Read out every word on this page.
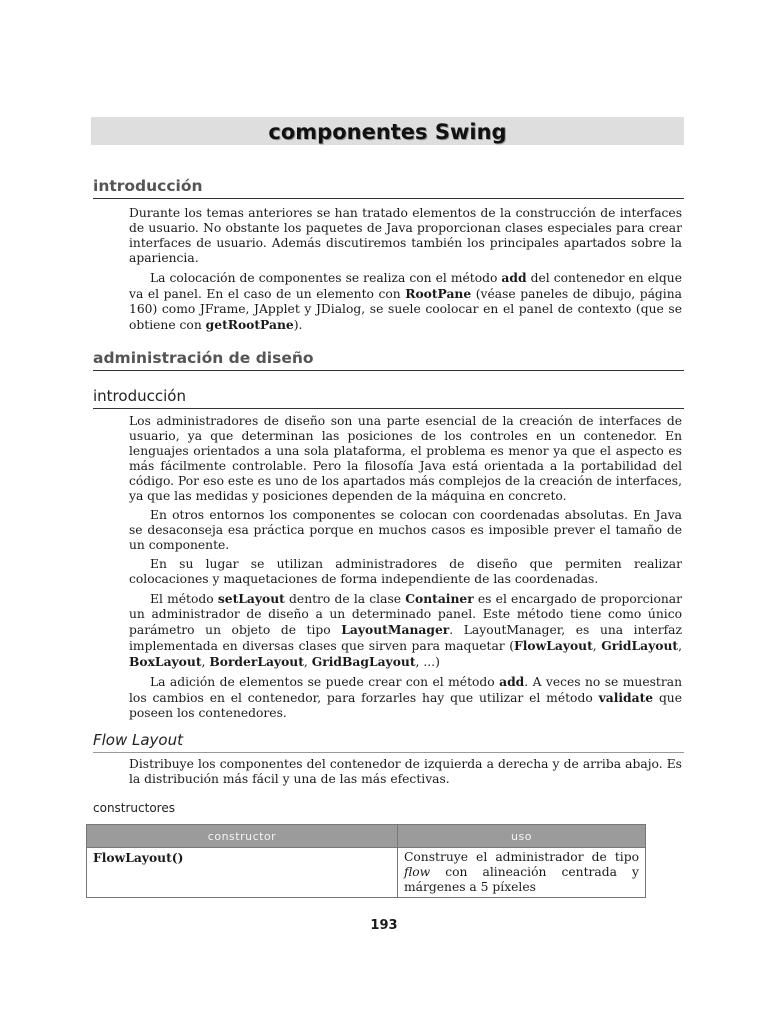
componentes Swing
introducción

Durante los temas anteriores se han tratado elementos de la construcción de interfaces de usuario. No obstante los paquetes de Java proporcionan clases especiales para crear interfaces de usuario. Además discutiremos también los principales apartados sobre la apariencia.

La colocación de componentes se realiza con el método add del contenedor en elque va el panel. En el caso de un elemento con RootPane (véase paneles de dibujo, página 160) como JFrame, JApplet y JDialog, se suele coolocar en el panel de contexto (que se obtiene con getRootPane).

administración de diseño
introducción

Los administradores de diseño son una parte esencial de la creación de interfaces de usuario, ya que determinan las posiciones de los controles en un contenedor. En lenguajes orientados a una sola plataforma, el problema es menor ya que el aspecto es más fácilmente controlable. Pero la filosofía Java está orientada a la portabilidad del código. Por eso este es uno de los apartados más complejos de la creación de interfaces, ya que las medidas y posiciones dependen de la máquina en concreto.

En otros entornos los componentes se colocan con coordenadas absolutas. En Java se desaconseja esa práctica porque en muchos casos es imposible prever el tamaño de un componente.

En su lugar se utilizan administradores de diseño que permiten realizar colocaciones y maquetaciones de forma independiente de las coordenadas.

El método setLayout dentro de la clase Container es el encargado de proporcionar un administrador de diseño a un determinado panel. Este método tiene como único parámetro un objeto de tipo LayoutManager. LayoutManager, es una interfaz implementada en diversas clases que sirven para maquetar (FlowLayout, GridLayout, BoxLayout, BorderLayout, GridBagLayout, ...)

La adición de elementos se puede crear con el método add. A veces no se muestran los cambios en el contenedor, para forzarles hay que utilizar el método validate que poseen los contenedores.

Flow Layout

Distribuye los componentes del contenedor de izquierda a derecha y de arriba abajo. Es la distribución más fácil y una de las más efectivas.

constructores
constructor	uso
FlowLayout()	Construye el administrador de tipo flow con alineación centrada y márgenes a 5 píxeles
193
